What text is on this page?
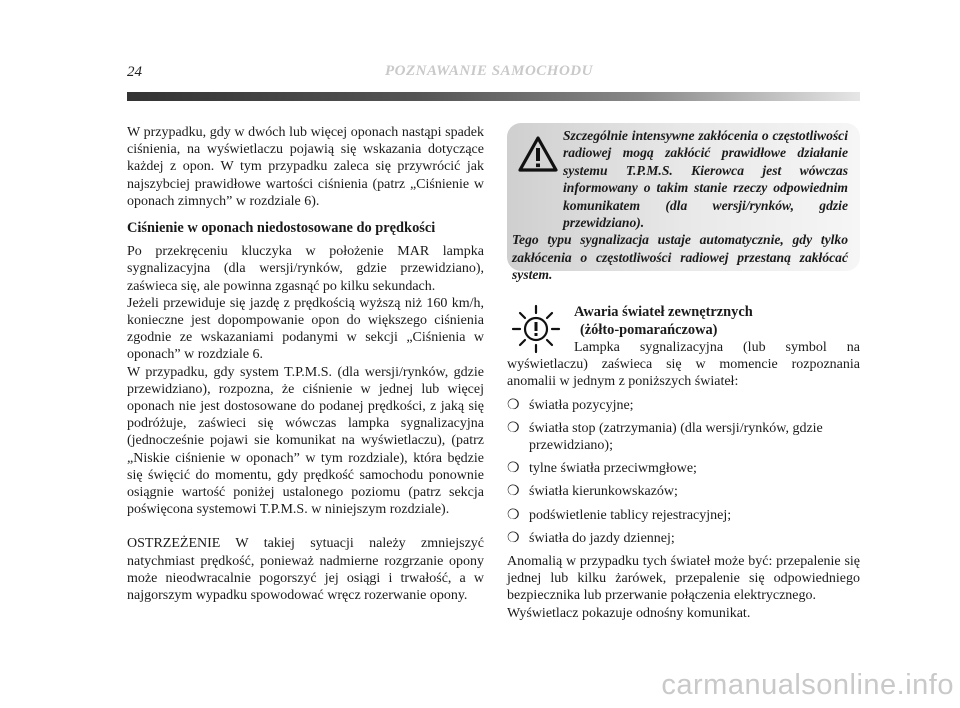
24	POZNAWANIE SAMOCHODU

W przypadku, gdy w dwóch lub więcej oponach nastąpi spadek ciśnienia, na wyświetlaczu pojawią się wskazania dotyczące każdej z opon. W tym przypadku zaleca się przywrócić jak najszybciej prawidłowe wartości ciśnienia (patrz „Ciśnienie w oponach zimnych” w rozdziale 6).

Ciśnienie w oponach niedostosowane do prędkości

Po przekręceniu kluczyka w położenie MAR lampka sygnalizacyjna (dla wersji/rynków, gdzie przewidziano), zaświeca się, ale powinna zgasnąć po kilku sekundach.

Jeżeli przewiduje się jazdę z prędkością wyższą niż 160 km/h, konieczne jest dopompowanie opon do większego ciśnienia zgodnie ze wskazaniami podanymi w sekcji „Ciśnienia w oponach” w rozdziale 6.

W przypadku, gdy system T.P.M.S. (dla wersji/rynków, gdzie przewidziano), rozpozna, że ciśnienie w jednej lub więcej oponach nie jest dostosowane do podanej prędkości, z jaką się podróżuje, zaświeci się wówczas lampka sygnalizacyjna (jednocześnie pojawi sie komunikat na wyświetlaczu), (patrz „Niskie ciśnienie w oponach” w tym rozdziale), która będzie się święcić do momentu, gdy prędkość samochodu ponownie osiągnie wartość poniżej ustalonego poziomu (patrz sekcja poświęcona systemowi T.P.M.S. w niniejszym rozdziale).

OSTRZEŻENIE W takiej sytuacji należy zmniejszyć natychmiast prędkość, ponieważ nadmierne rozgrzanie opony może nieodwracalnie pogorszyć jej osiągi i trwałość, a w najgorszym wypadku spowodować wręcz rozerwanie opony.

Szczególnie intensywne zakłócenia o częstotliwości radiowej mogą zakłócić prawidłowe działanie systemu T.P.M.S. Kierowca jest wówczas informowany o takim stanie rzeczy odpowiednim komunikatem (dla wersji/rynków, gdzie przewidziano).
Tego typu sygnalizacja ustaje automatycznie, gdy tylko zakłócenia o częstotliwości radiowej przestaną zakłócać system.
Awaria świateł zewnętrznych
(żółto-pomarańczowa)

Lampka sygnalizacyjna (lub symbol na wyświetlaczu) zaświeca się w momencie rozpoznania anomalii w jednym z poniższych świateł:

❍ światła pozycyjne;
❍ światła stop (zatrzymania) (dla wersji/rynków, gdzie przewidziano);
❍ tylne światła przeciwmgłowe;
❍ światła kierunkowskazów;
❍ podświetlenie tablicy rejestracyjnej;
❍ światła do jazdy dziennej;

Anomalią w przypadku tych świateł może być: przepalenie się jednej lub kilku żarówek, przepalenie się odpowiedniego bezpiecznika lub przerwanie połączenia elektrycznego.

Wyświetlacz pokazuje odnośny komunikat.

carmanualsonline.info
